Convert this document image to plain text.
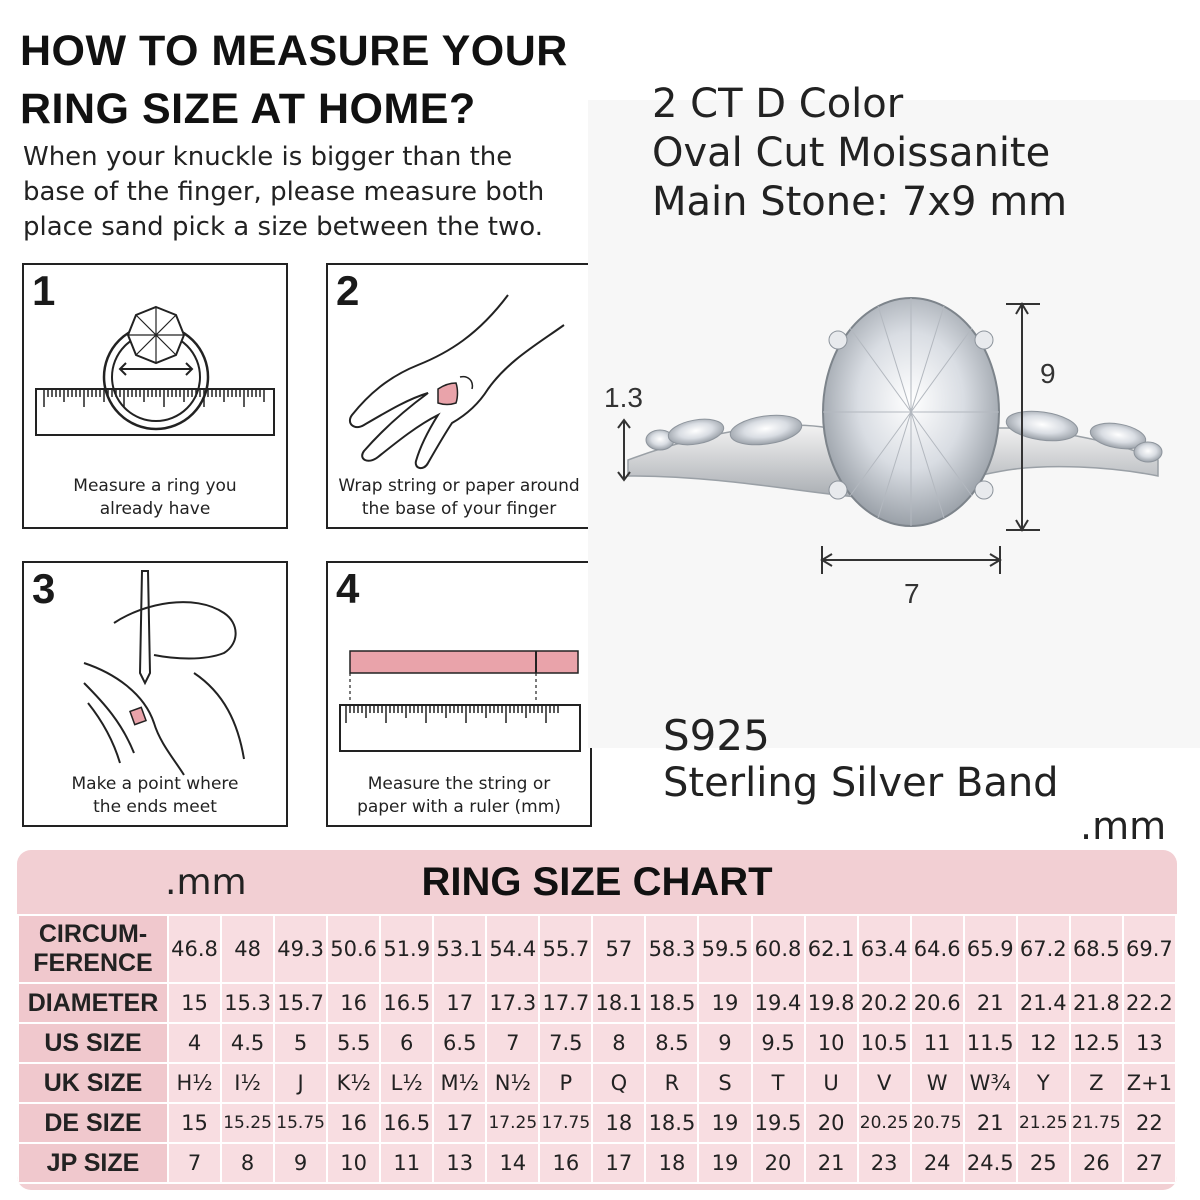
HOW TO MEASURE YOUR
RING SIZE AT HOME?
When your knuckle is bigger than the
base of the finger, please measure both
place sand pick a size between the two.
1
Measure a ring you
already have
2
Wrap string or paper around
the base of your finger
3
Make a point where
the ends meet
4
Measure the string or
paper with a ruler (mm)
2 CT D Color
Oval Cut Moissanite
Main Stone: 7x9 mm
1.3
9
7
S925
Sterling Silver Band
.mm
.mm	RING SIZE CHART
CIRCUM-
FERENCE	46.8	48	49.3	50.6	51.9	53.1	54.4	55.7	57	58.3	59.5	60.8	62.1	63.4	64.6	65.9	67.2	68.5	69.7

DIAMETER	15	15.3	15.7	16	16.5	17	17.3	17.7	18.1	18.5	19	19.4	19.8	20.2	20.6	21	21.4	21.8	22.2

US SIZE	4	4.5	5	5.5	6	6.5	7	7.5	8	8.5	9	9.5	10	10.5	11	11.5	12	12.5	13

UK SIZE	H½	I½	J	K½	L½	M½	N½	P	Q	R	S	T	U	V	W	W¾	Y	Z	Z+1

DE SIZE	15	15.25	15.75	16	16.5	17	17.25	17.75	18	18.5	19	19.5	20	20.25	20.75	21	21.25	21.75	22

JP SIZE	7	8	9	10	11	13	14	16	17	18	19	20	21	23	24	24.5	25	26	27
